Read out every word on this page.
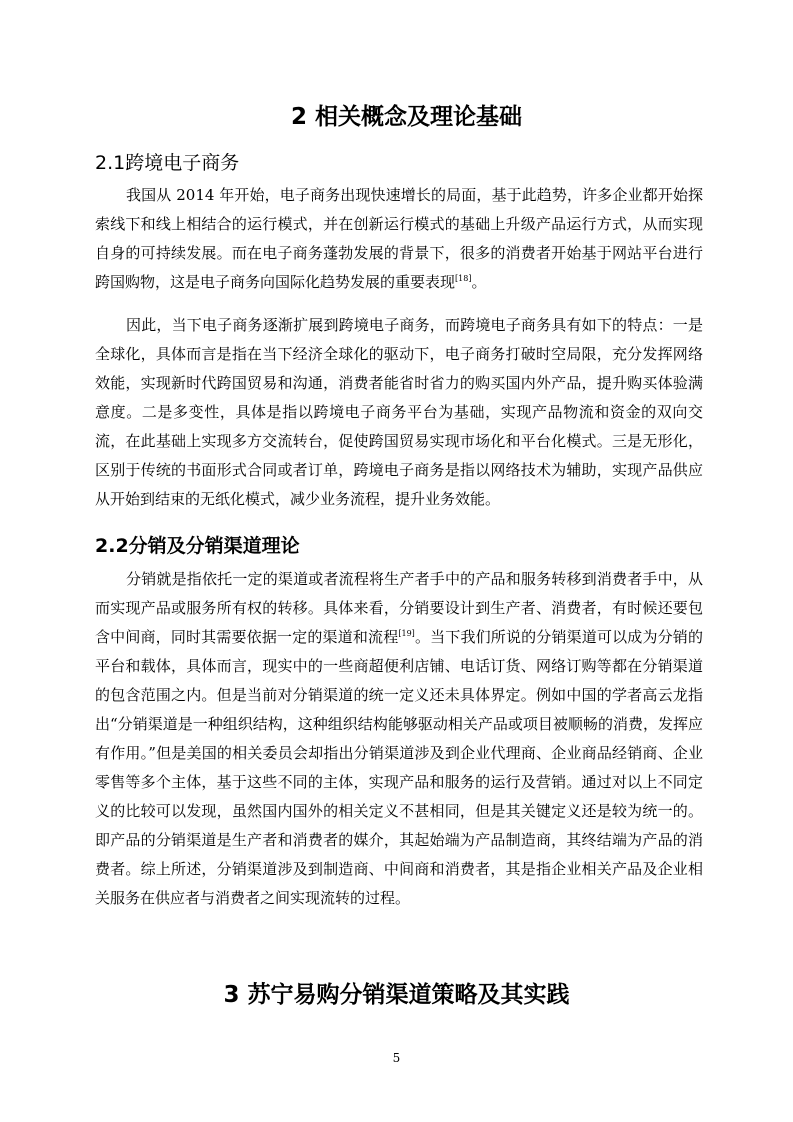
2 相关概念及理论基础
2.1跨境电子商务

我国从 2014 年开始，电子商务出现快速增长的局面，基于此趋势，许多企业都开始探索线下和线上相结合的运行模式，并在创新运行模式的基础上升级产品运行方式，从而实现自身的可持续发展。而在电子商务蓬勃发展的背景下，很多的消费者开始基于网站平台进行跨国购物，这是电子商务向国际化趋势发展的重要表现[18]。

因此，当下电子商务逐渐扩展到跨境电子商务，而跨境电子商务具有如下的特点：一是全球化，具体而言是指在当下经济全球化的驱动下，电子商务打破时空局限，充分发挥网络效能，实现新时代跨国贸易和沟通，消费者能省时省力的购买国内外产品，提升购买体验满意度。二是多变性，具体是指以跨境电子商务平台为基础，实现产品物流和资金的双向交流，在此基础上实现多方交流转台，促使跨国贸易实现市场化和平台化模式。三是无形化，区别于传统的书面形式合同或者订单，跨境电子商务是指以网络技术为辅助，实现产品供应从开始到结束的无纸化模式，减少业务流程，提升业务效能。

2.2分销及分销渠道理论

分销就是指依托一定的渠道或者流程将生产者手中的产品和服务转移到消费者手中，从而实现产品或服务所有权的转移。具体来看，分销要设计到生产者、消费者，有时候还要包含中间商，同时其需要依据一定的渠道和流程[19]。当下我们所说的分销渠道可以成为分销的平台和载体，具体而言，现实中的一些商超便利店铺、电话订货、网络订购等都在分销渠道的包含范围之内。但是当前对分销渠道的统一定义还未具体界定。例如中国的学者高云龙指出“分销渠道是一种组织结构，这种组织结构能够驱动相关产品或项目被顺畅的消费，发挥应有作用。”但是美国的相关委员会却指出分销渠道涉及到企业代理商、企业商品经销商、企业零售等多个主体，基于这些不同的主体，实现产品和服务的运行及营销。通过对以上不同定义的比较可以发现，虽然国内国外的相关定义不甚相同，但是其关键定义还是较为统一的。即产品的分销渠道是生产者和消费者的媒介，其起始端为产品制造商，其终结端为产品的消费者。综上所述，分销渠道涉及到制造商、中间商和消费者，其是指企业相关产品及企业相关服务在供应者与消费者之间实现流转的过程。

3 苏宁易购分销渠道策略及其实践
5
